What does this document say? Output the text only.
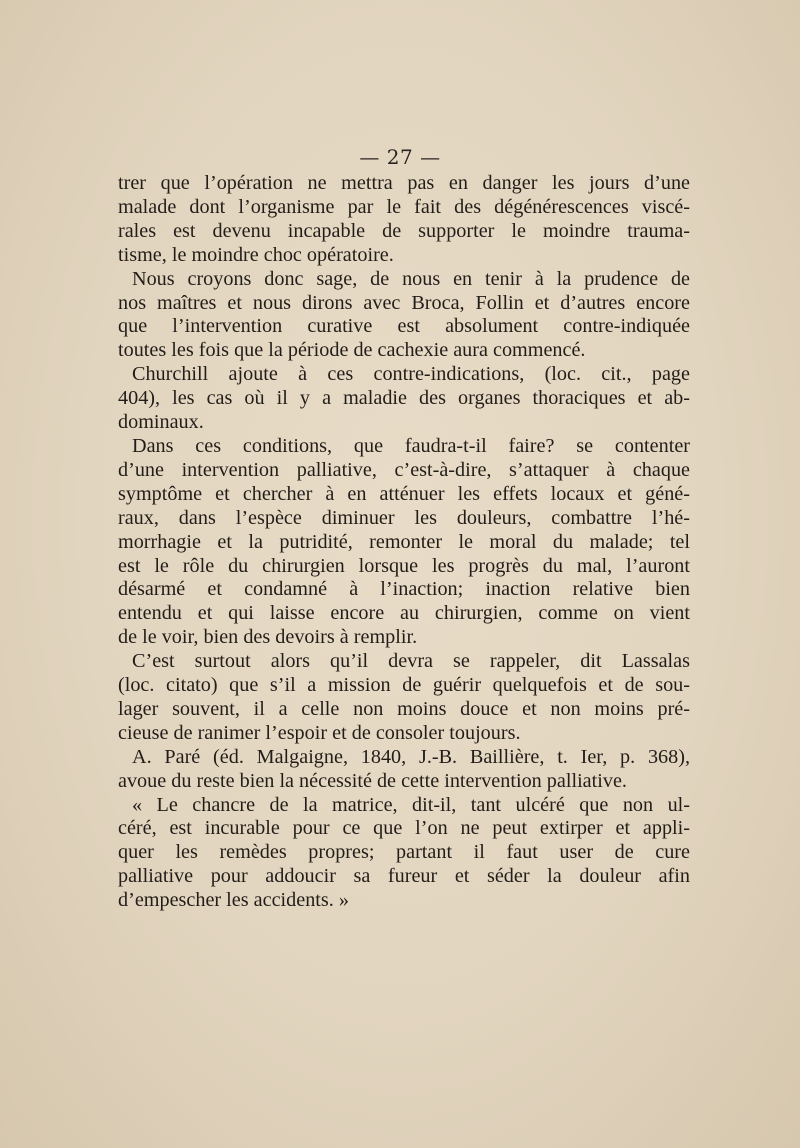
— 27 —
trer que l’opération ne mettra pas en danger les jours d’une
malade dont l’organisme par le fait des dégénérescences viscé-
rales est devenu incapable de supporter le moindre trauma-
tisme, le moindre choc opératoire.
Nous croyons donc sage, de nous en tenir à la prudence de
nos maîtres et nous dirons avec Broca, Follin et d’autres encore
que l’intervention curative est absolument contre-indiquée
toutes les fois que la période de cachexie aura commencé.
Churchill ajoute à ces contre-indications, (loc. cit., page
404), les cas où il y a maladie des organes thoraciques et ab-
dominaux.
Dans ces conditions, que faudra-t-il faire? se contenter
d’une intervention palliative, c’est-à-dire, s’attaquer à chaque
symptôme et chercher à en atténuer les effets locaux et géné-
raux, dans l’espèce diminuer les douleurs, combattre l’hé-
morrhagie et la putridité, remonter le moral du malade; tel
est le rôle du chirurgien lorsque les progrès du mal, l’auront
désarmé et condamné à l’inaction; inaction relative bien
entendu et qui laisse encore au chirurgien, comme on vient
de le voir, bien des devoirs à remplir.
C’est surtout alors qu’il devra se rappeler, dit Lassalas
(loc. citato) que s’il a mission de guérir quelquefois et de sou-
lager souvent, il a celle non moins douce et non moins pré-
cieuse de ranimer l’espoir et de consoler toujours.
A. Paré (éd. Malgaigne, 1840, J.-B. Baillière, t. Ier, p. 368),
avoue du reste bien la nécessité de cette intervention palliative.
« Le chancre de la matrice, dit-il, tant ulcéré que non ul-
céré, est incurable pour ce que l’on ne peut extirper et appli-
quer les remèdes propres; partant il faut user de cure
palliative pour addoucir sa fureur et séder la douleur afin
d’empescher les accidents. »
